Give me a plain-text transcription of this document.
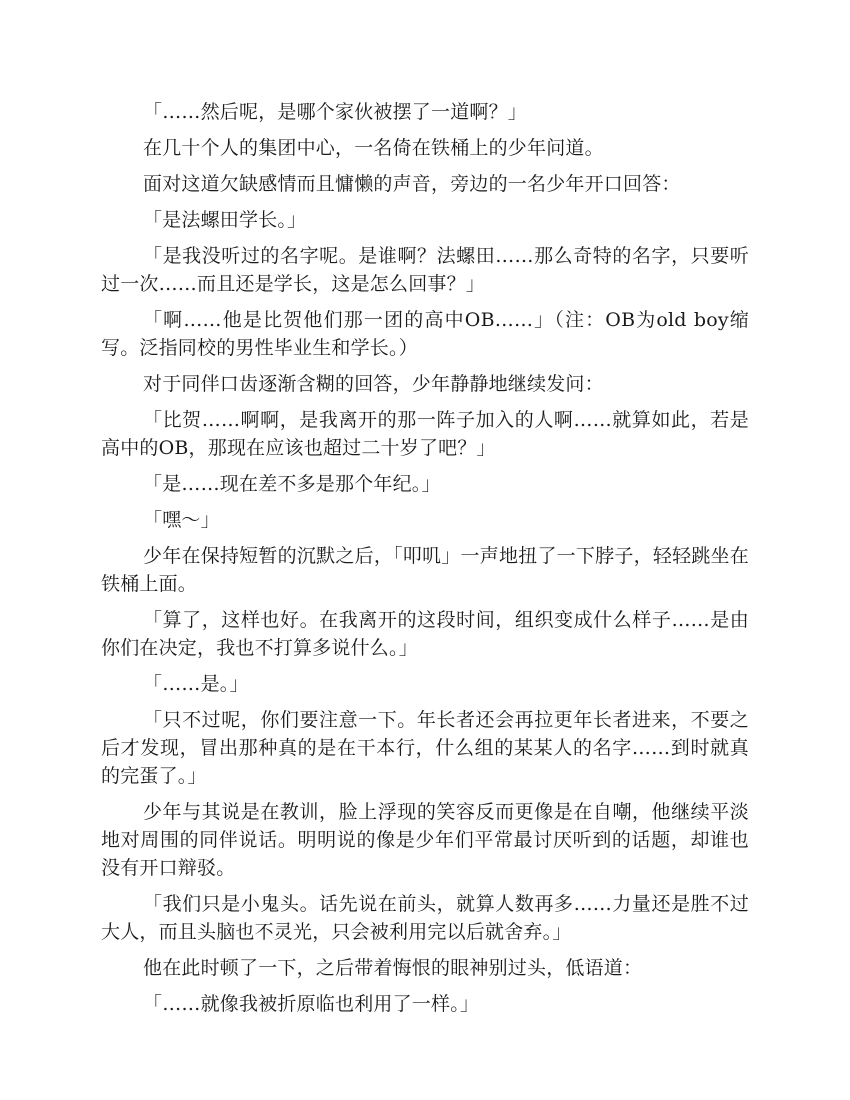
「……然后呢，是哪个家伙被摆了一道啊？」

在几十个人的集团中心，一名倚在铁桶上的少年问道。

面对这道欠缺感情而且慵懒的声音，旁边的一名少年开口回答：

「是法螺田学长。」

「是我没听过的名字呢。是谁啊？法螺田……那么奇特的名字，只要听过一次……而且还是学长，这是怎么回事？」

「啊……他是比贺他们那一团的高中OB……」（注：OB为old boy缩写。泛指同校的男性毕业生和学长。）

对于同伴口齿逐渐含糊的回答，少年静静地继续发问：

「比贺……啊啊，是我离开的那一阵子加入的人啊……就算如此，若是高中的OB，那现在应该也超过二十岁了吧？」

「是……现在差不多是那个年纪。」

「嘿～」

少年在保持短暂的沉默之后，「叩叽」一声地扭了一下脖子，轻轻跳坐在铁桶上面。

「算了，这样也好。在我离开的这段时间，组织变成什么样子……是由你们在决定，我也不打算多说什么。」

「……是。」

「只不过呢，你们要注意一下。年长者还会再拉更年长者进来，不要之后才发现，冒出那种真的是在干本行，什么组的某某人的名字……到时就真的完蛋了。」

少年与其说是在教训，脸上浮现的笑容反而更像是在自嘲，他继续平淡地对周围的同伴说话。明明说的像是少年们平常最讨厌听到的话题，却谁也没有开口辩驳。

「我们只是小鬼头。话先说在前头，就算人数再多……力量还是胜不过大人，而且头脑也不灵光，只会被利用完以后就舍弃。」

他在此时顿了一下，之后带着悔恨的眼神别过头，低语道：

「……就像我被折原临也利用了一样。」
